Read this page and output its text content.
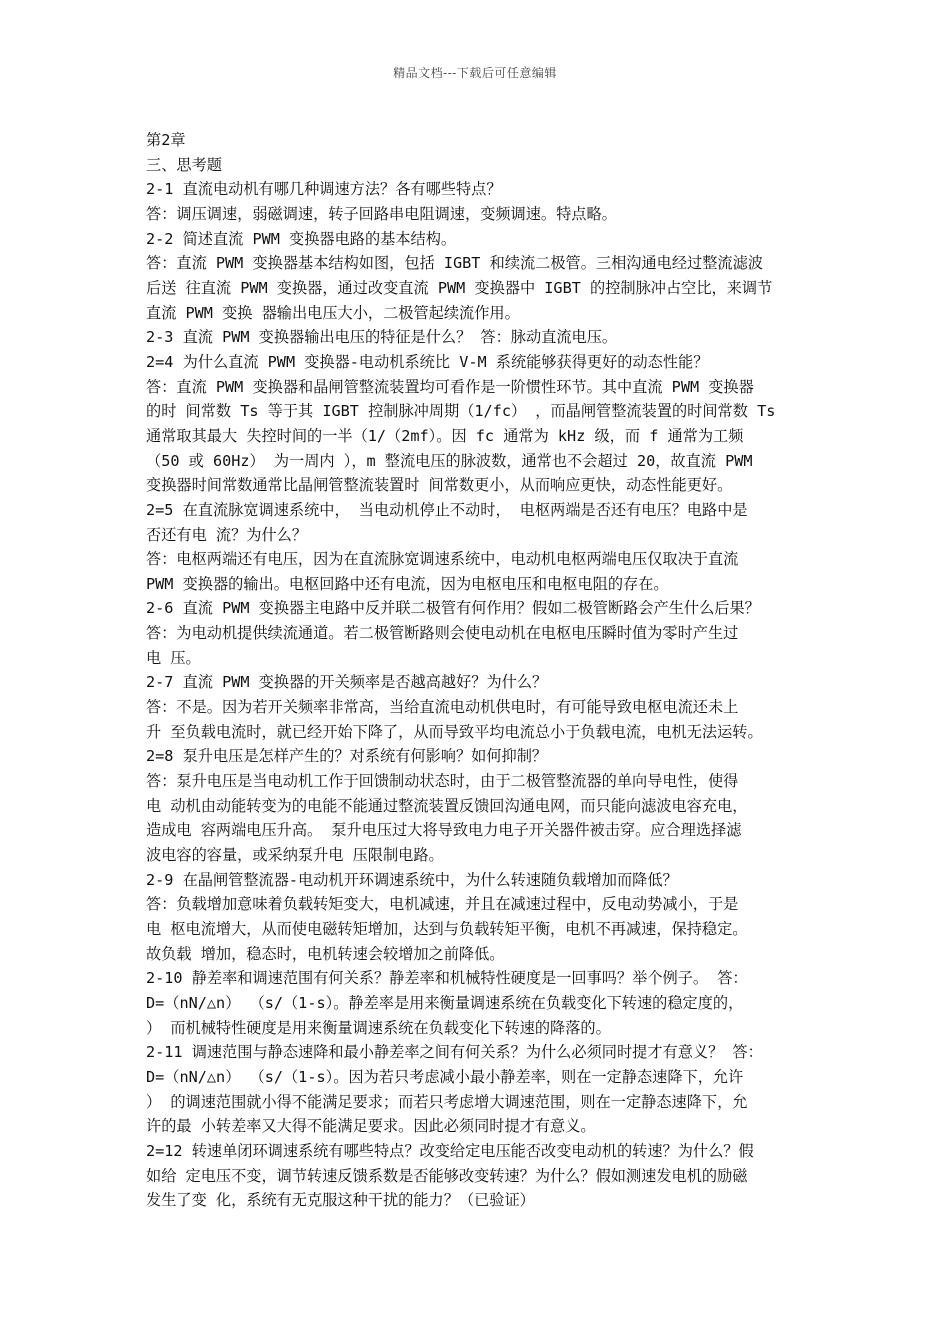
精品文档---下载后可任意编辑
第2章
三、思考题
2-1 直流电动机有哪几种调速方法？各有哪些特点？
答：调压调速，弱磁调速，转子回路串电阻调速，变频调速。特点略。
2-2 简述直流 PWM 变换器电路的基本结构。
答：直流 PWM 变换器基本结构如图，包括 IGBT 和续流二极管。三相沟通电经过整流滤波
后送 往直流 PWM 变换器，通过改变直流 PWM 变换器中 IGBT 的控制脉冲占空比，来调节
直流 PWM 变换 器输出电压大小，二极管起续流作用。
2-3 直流 PWM 变换器输出电压的特征是什么？ 答：脉动直流电压。
2=4 为什么直流 PWM 变换器-电动机系统比 V-M 系统能够获得更好的动态性能？
答：直流 PWM 变换器和晶闸管整流装置均可看作是一阶惯性环节。其中直流 PWM 变换器
的时 间常数 Ts 等于其 IGBT 控制脉冲周期（1/fc） ，而晶闸管整流装置的时间常数 Ts
通常取其最大 失控时间的一半（1/（2mf）。因 fc 通常为 kHz 级，而 f 通常为工频
（50 或 60Hz） 为一周内 ），m 整流电压的脉波数，通常也不会超过 20，故直流 PWM
变换器时间常数通常比晶闸管整流装置时 间常数更小，从而响应更快，动态性能更好。
2=5 在直流脉宽调速系统中， 当电动机停止不动时， 电枢两端是否还有电压？电路中是
否还有电 流？为什么？
答：电枢两端还有电压，因为在直流脉宽调速系统中，电动机电枢两端电压仅取决于直流
PWM 变换器的输出。电枢回路中还有电流，因为电枢电压和电枢电阻的存在。
2-6 直流 PWM 变换器主电路中反并联二极管有何作用？假如二极管断路会产生什么后果？
答：为电动机提供续流通道。若二极管断路则会使电动机在电枢电压瞬时值为零时产生过
电 压。
2-7 直流 PWM 变换器的开关频率是否越高越好？为什么？
答：不是。因为若开关频率非常高，当给直流电动机供电时，有可能导致电枢电流还未上
升 至负载电流时，就已经开始下降了，从而导致平均电流总小于负载电流，电机无法运转。
2=8 泵升电压是怎样产生的？对系统有何影响？如何抑制？
答：泵升电压是当电动机工作于回馈制动状态时，由于二极管整流器的单向导电性，使得
电 动机由动能转变为的电能不能通过整流装置反馈回沟通电网，而只能向滤波电容充电，
造成电 容两端电压升高。 泵升电压过大将导致电力电子开关器件被击穿。应合理选择滤
波电容的容量，或采纳泵升电 压限制电路。
2-9 在晶闸管整流器-电动机开环调速系统中，为什么转速随负载增加而降低？
答：负载增加意味着负载转矩变大，电机减速，并且在减速过程中，反电动势减小，于是
电 枢电流增大，从而使电磁转矩增加，达到与负载转矩平衡，电机不再减速，保持稳定。
故负载 增加，稳态时，电机转速会较增加之前降低。
2-10 静差率和调速范围有何关系？静差率和机械特性硬度是一回事吗？举个例子。 答：
D=（nN/△n） （s/（1-s）。静差率是用来衡量调速系统在负载变化下转速的稳定度的，
） 而机械特性硬度是用来衡量调速系统在负载变化下转速的降落的。
2-11 调速范围与静态速降和最小静差率之间有何关系？为什么必须同时提才有意义？ 答：
D=（nN/△n） （s/（1-s）。因为若只考虑减小最小静差率，则在一定静态速降下，允许
） 的调速范围就小得不能满足要求；而若只考虑增大调速范围，则在一定静态速降下，允
许的最 小转差率又大得不能满足要求。因此必须同时提才有意义。
2=12 转速单闭环调速系统有哪些特点？改变给定电压能否改变电动机的转速？为什么？假
如给 定电压不变，调节转速反馈系数是否能够改变转速？为什么？假如测速发电机的励磁
发生了变 化，系统有无克服这种干扰的能力？（已验证）
